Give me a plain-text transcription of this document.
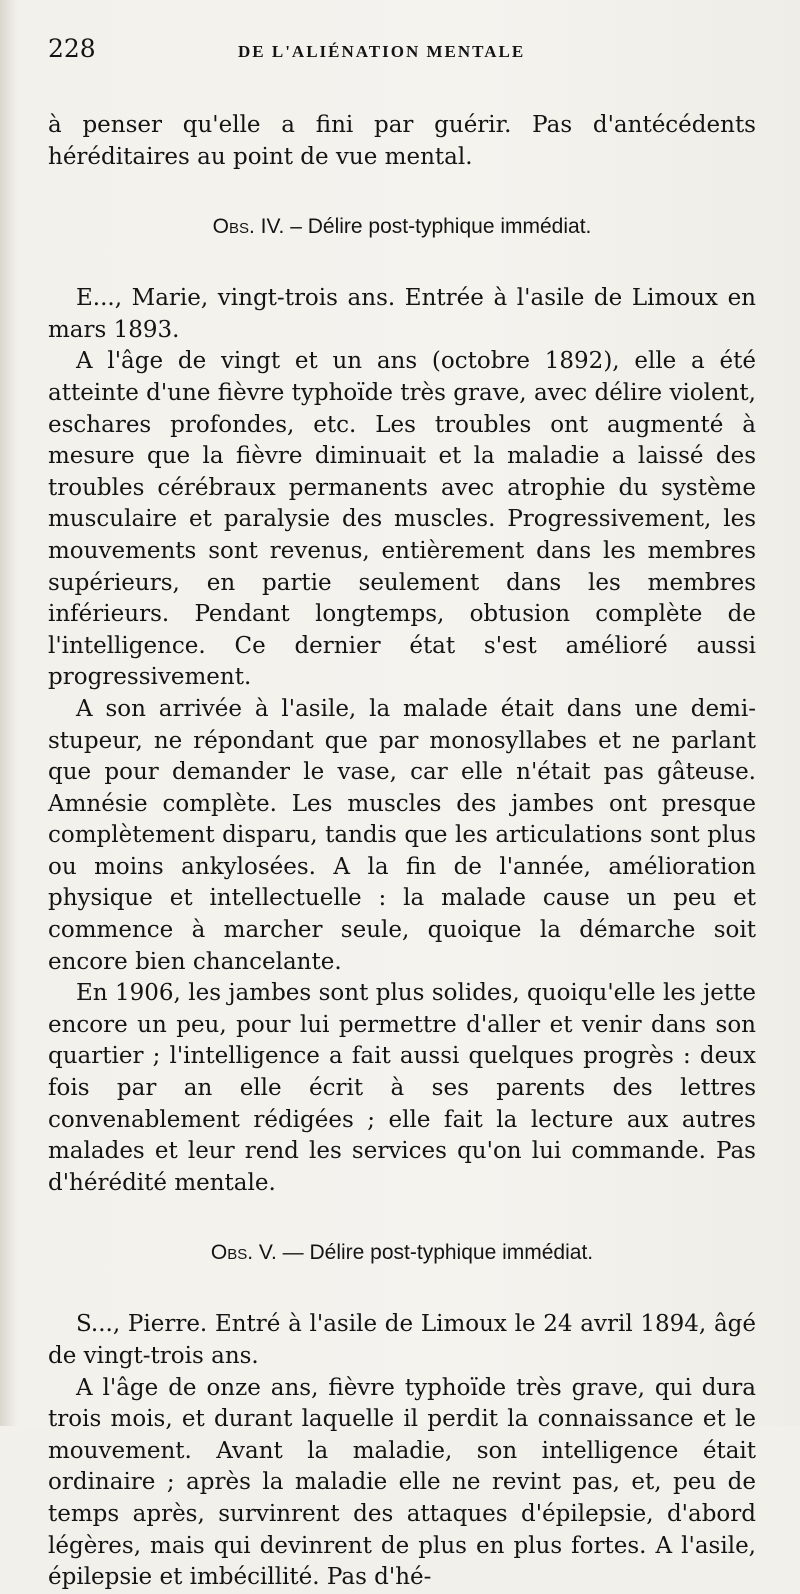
228	DE L'ALIÉNATION MENTALE

à penser qu'elle a fini par guérir. Pas d'antécédents héréditaires au point de vue mental.

Obs. IV. – Délire post-typhique immédiat.

E..., Marie, vingt-trois ans. Entrée à l'asile de Limoux en mars 1893.

A l'âge de vingt et un ans (octobre 1892), elle a été atteinte d'une fièvre typhoïde très grave, avec délire violent, eschares profondes, etc. Les troubles ont augmenté à mesure que la fièvre diminuait et la maladie a laissé des troubles cérébraux permanents avec atrophie du système musculaire et paralysie des muscles. Progressivement, les mouvements sont revenus, entièrement dans les membres supérieurs, en partie seulement dans les membres inférieurs. Pendant longtemps, obtusion complète de l'intelligence. Ce dernier état s'est amélioré aussi progressivement.

A son arrivée à l'asile, la malade était dans une demi-stupeur, ne répondant que par monosyllabes et ne parlant que pour demander le vase, car elle n'était pas gâteuse. Amnésie complète. Les muscles des jambes ont presque complètement disparu, tandis que les articulations sont plus ou moins ankylosées. A la fin de l'année, amélioration physique et intellectuelle : la malade cause un peu et commence à marcher seule, quoique la démarche soit encore bien chancelante.

En 1906, les jambes sont plus solides, quoiqu'elle les jette encore un peu, pour lui permettre d'aller et venir dans son quartier ; l'intelligence a fait aussi quelques progrès : deux fois par an elle écrit à ses parents des lettres convenablement rédigées ; elle fait la lecture aux autres malades et leur rend les services qu'on lui commande. Pas d'hérédité mentale.

Obs. V. — Délire post-typhique immédiat.

S..., Pierre. Entré à l'asile de Limoux le 24 avril 1894, âgé de vingt-trois ans.

A l'âge de onze ans, fièvre typhoïde très grave, qui dura trois mois, et durant laquelle il perdit la connaissance et le mouvement. Avant la maladie, son intelligence était ordinaire ; après la maladie elle ne revint pas, et, peu de temps après, survinrent des attaques d'épilepsie, d'abord légères, mais qui devinrent de plus en plus fortes. A l'asile, épilepsie et imbécillité. Pas d'hé-
